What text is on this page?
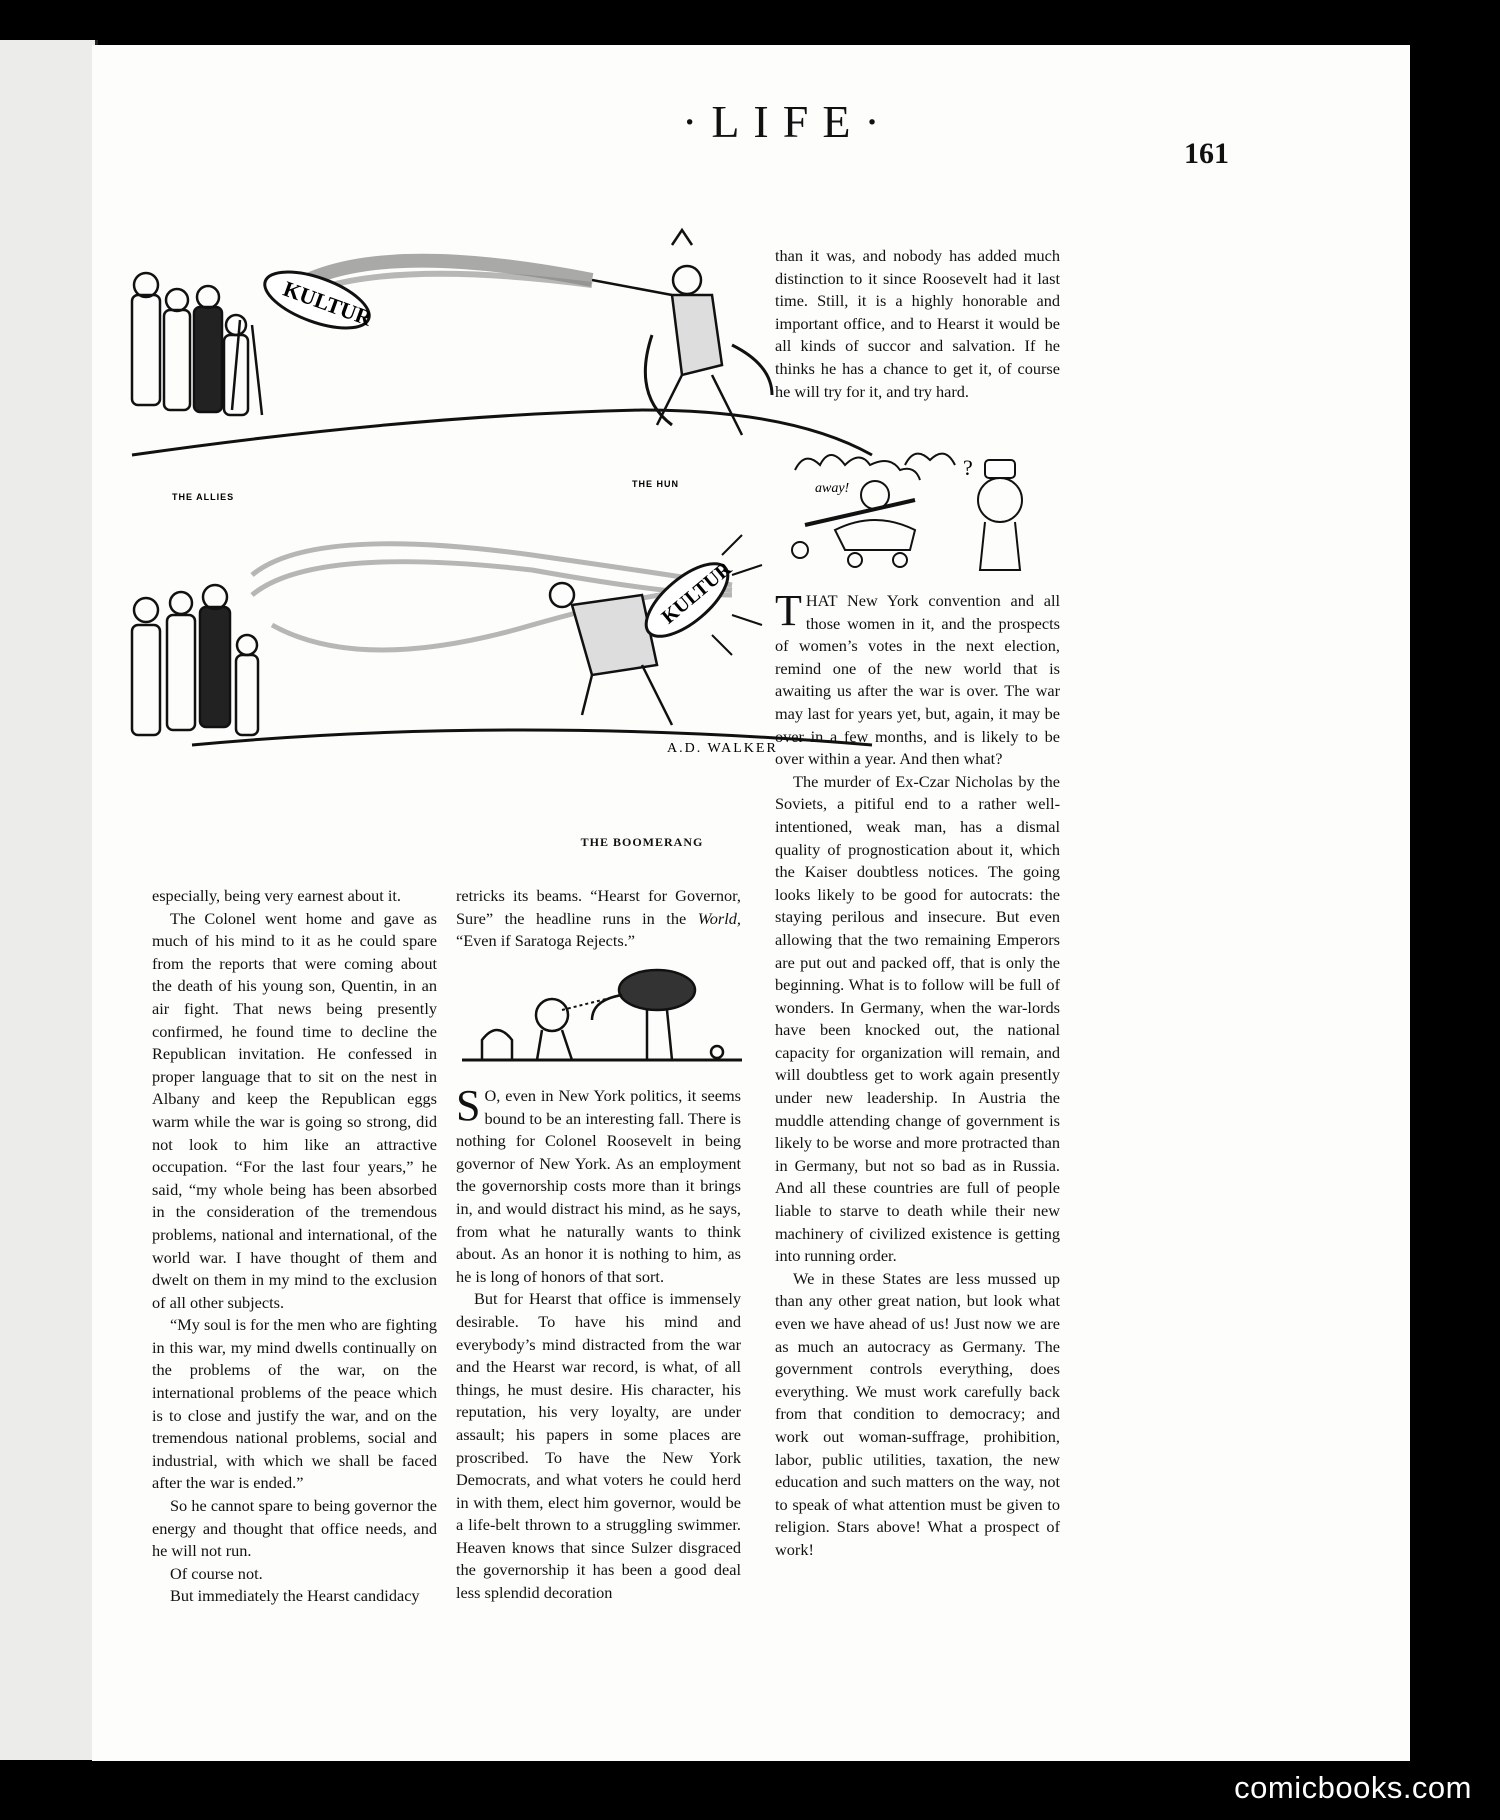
·LIFE·
161
KULTUR
THE ALLIES
THE HUN
KULTUR
A.D. WALKER
THE BOOMERANG

especially, being very earnest about it.

The Colonel went home and gave as much of his mind to it as he could spare from the reports that were coming about the death of his young son, Quentin, in an air fight. That news being presently confirmed, he found time to decline the Republican invitation. He confessed in proper language that to sit on the nest in Albany and keep the Republican eggs warm while the war is going so strong, did not look to him like an attractive occupation. “For the last four years,” he said, “my whole being has been absorbed in the consideration of the tremendous problems, national and international, of the world war. I have thought of them and dwelt on them in my mind to the exclusion of all other subjects.

“My soul is for the men who are fighting in this war, my mind dwells continually on the problems of the war, on the international problems of the peace which is to close and justify the war, and on the tremendous national problems, social and industrial, with which we shall be faced after the war is ended.”

So he cannot spare to being governor the energy and thought that office needs, and he will not run.

Of course not.

But immediately the Hearst candidacy

retricks its beams. “Hearst for Governor, Sure” the headline runs in the World, “Even if Saratoga Rejects.”

S O, even in New York politics, it seems bound to be an interesting fall. There is nothing for Colonel Roosevelt in being governor of New York. As an employment the governorship costs more than it brings in, and would distract his mind, as he says, from what he naturally wants to think about. As an honor it is nothing to him, as he is long of honors of that sort.

But for Hearst that office is immensely desirable. To have his mind and everybody’s mind distracted from the war and the Hearst war record, is what, of all things, he must desire. His character, his reputation, his very loyalty, are under assault; his papers in some places are proscribed. To have the New York Democrats, and what voters he could herd in with them, elect him governor, would be a life-belt thrown to a struggling swimmer. Heaven knows that since Sulzer disgraced the governorship it has been a good deal less splendid decoration

than it was, and nobody has added much distinction to it since Roosevelt had it last time. Still, it is a highly honorable and important office, and to Hearst it would be all kinds of succor and salvation. If he thinks he has a chance to get it, of course he will try for it, and try hard.

away!
?

THAT New York convention and all those women in it, and the prospects of women’s votes in the next election, remind one of the new world that is awaiting us after the war is over. The war may last for years yet, but, again, it may be over in a few months, and is likely to be over within a year. And then what?

The murder of Ex-Czar Nicholas by the Soviets, a pitiful end to a rather well-intentioned, weak man, has a dismal quality of prognostication about it, which the Kaiser doubtless notices. The going looks likely to be good for autocrats: the staying perilous and insecure. But even allowing that the two remaining Emperors are put out and packed off, that is only the beginning. What is to follow will be full of wonders. In Germany, when the war-lords have been knocked out, the national capacity for organization will remain, and will doubtless get to work again presently under new leadership. In Austria the muddle attending change of government is likely to be worse and more protracted than in Germany, but not so bad as in Russia. And all these countries are full of people liable to starve to death while their new machinery of civilized existence is getting into running order.

We in these States are less mussed up than any other great nation, but look what even we have ahead of us! Just now we are as much an autocracy as Germany. The government controls everything, does everything. We must work carefully back from that condition to democracy; and work out woman-suffrage, prohibition, labor, public utilities, taxation, the new education and such matters on the way, not to speak of what attention must be given to religion. Stars above! What a prospect of work!

comicbooks.com
